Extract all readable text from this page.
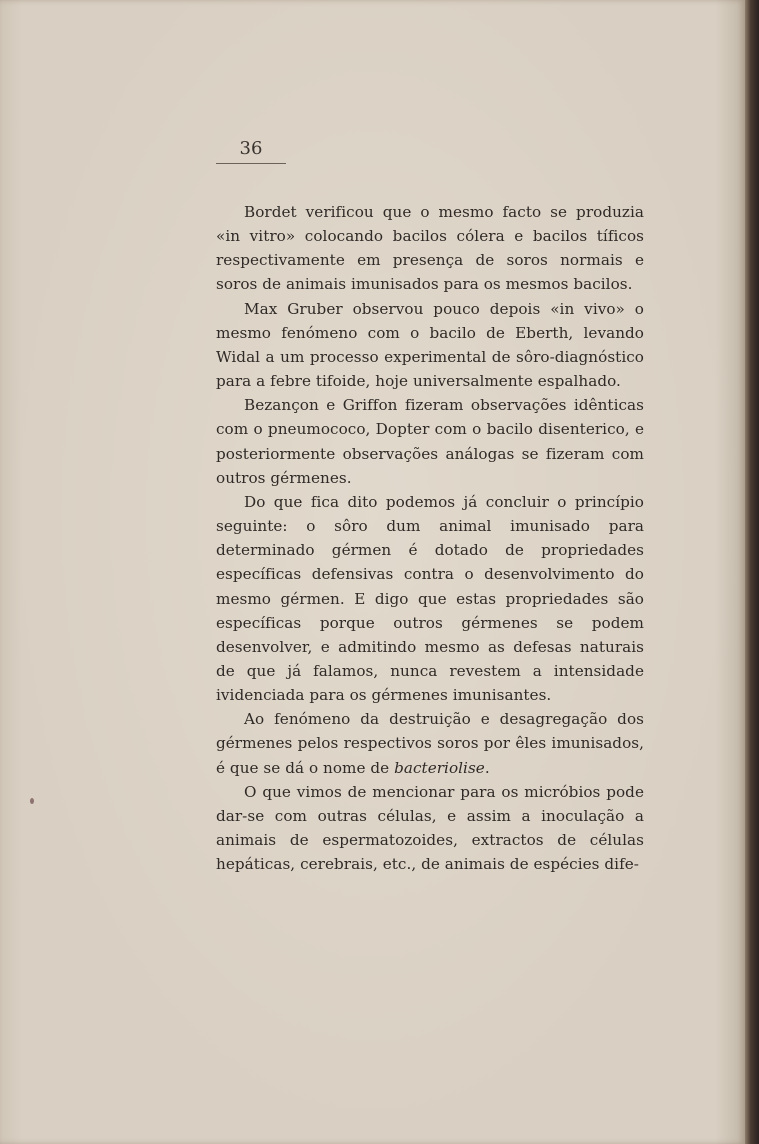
36

Bordet verificou que o mesmo facto se produzia «in vitro» colocando bacilos cólera e bacilos tíficos respectivamente em presença de soros normais e soros de animais imunisados para os mesmos bacilos.

Max Gruber observou pouco depois «in vivo» o mesmo fenómeno com o bacilo de Eberth, levando Widal a um processo experimental de sôro-diagnóstico para a febre tifoide, hoje universalmente espalhado.

Bezançon e Griffon fizeram observações idênticas com o pneumococo, Dopter com o bacilo disenterico, e posteriormente observações análogas se fizeram com outros gérmenes.

Do que fica dito podemos já concluir o princípio seguinte: o sôro dum animal imunisado para determinado gérmen é dotado de propriedades específicas defensivas contra o desenvolvimento do mesmo gérmen. E digo que estas propriedades são específicas porque outros gérmenes se podem desenvolver, e admitindo mesmo as defesas naturais de que já falamos, nunca revestem a intensidade ividenciada para os gérmenes imunisantes.

Ao fenómeno da destruição e desagregação dos gérmenes pelos respectivos soros por êles imunisados, é que se dá o nome de bacteriolise.

O que vimos de mencionar para os micróbios pode dar-se com outras células, e assim a inoculação a animais de espermatozoides, extractos de células hepáticas, cerebrais, etc., de animais de espécies dife-
